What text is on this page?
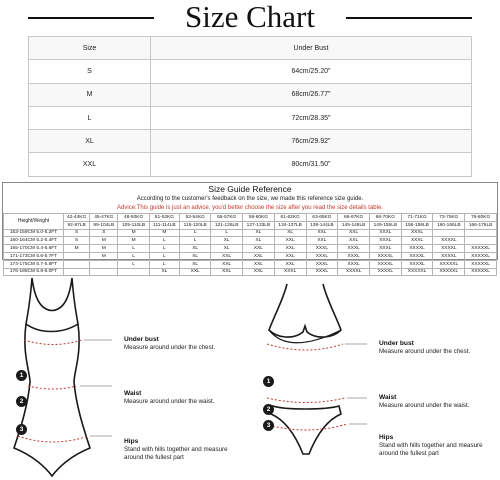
Size Chart
Size	Under Bust
S	64cm/25.20"
M	68cm/26.77"
L	72cm/28.35"
XL	76cm/29.92"
XXL	80cm/31.50"
Size Guide Reference
According to the customer's feedback on the size, we made this reference size guide.
Advice:This guide is just an advice, you'd better choose the size after you read the size details table.
Height/Weight	42-44KG	45-47KG	48-50KG	51-52KG	53-54KG	55-57KG	58-60KG	61-62KG	63-65KG	66-67KG	68-70KG	71-71KG	73-75KG	76-80KG
	92-97LB	99-104LB	105-110LB	111-114LB	115-120LB	121-126LB	127-133LB	134-137LB	138-144LB	145-148LB	149-155LB	156-159LB	160-166LB	166-176LB
153-159CM 5.0-5.2FT	S	S	M	M	L	L	XL	XL	XXL	XXL	XXXL	XXXL		
160-164CM 5.2-5.4FT	S	M	M	L	L	XL	XL	XXL	XXL	XXL	XXXL	XXXL	XXXXL	
165-170CM 5.4-5.6FT	M	M	L	L	XL	XL	XXL	XXL	XXXL	XXXL	XXXL	XXXXL	XXXXL	XXXXXL
171-173CM 5.6-5.7FT		M	L	L	XL	XXL	XXL	XXL	XXXL	XXXL	XXXXL	XXXXL	XXXXL	XXXXXL
174-175CM 5.7-5.8FT			L	L	XL	XXL	XXL	XXL	XXXL	XXXL	XXXXL	XXXXL	XXXXXL	XXXXXL
176-185CM 5.8-6.0FT				XL	XXL	XXL	XXL	XXXL	XXXL	XXXXL	XXXXL	XXXXXL	XXXXXL	XXXXXL
1
2
3
Under bust
Measure around under the chest.
Waist
Measure around under the waist.
Hips
Stand with hills together and measure
around the fullest part
1
2
3
Under bust
Measure around under the chest.
Waist
Measure around under the waist.
Hips
Stand with hills together and measure
around the fullest part
